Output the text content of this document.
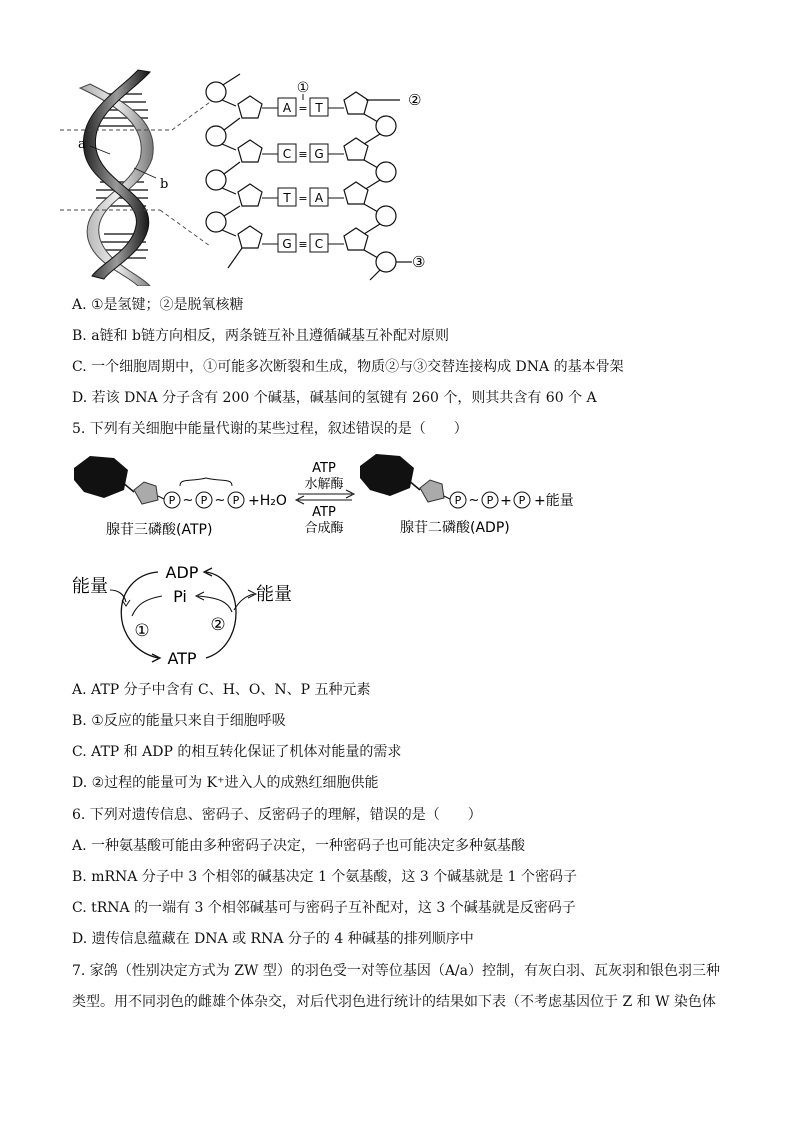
a
b
A = T
C ≡ G
T = A
G ≡ C
①
②
③
A. ①是氢键；②是脱氧核糖
B. a链和 b链方向相反，两条链互补且遵循碱基互补配对原则
C. 一个细胞周期中，①可能多次断裂和生成，物质②与③交替连接构成 DNA 的基本骨架
D. 若该 DNA 分子含有 200 个碱基，碱基间的氢键有 260 个，则其共含有 60 个 A
5. 下列有关细胞中能量代谢的某些过程，叙述错误的是（　　）
P ~ P ~ P +H₂O
ATP
水解酶
ATP
合成酶
P ~ P + P +能量
腺苷三磷酸(ATP)	腺苷二磷酸(ADP)
ADP
Pi
ATP
能量	能量
①	②
A. ATP 分子中含有 C、H、O、N、P 五种元素
B. ①反应的能量只来自于细胞呼吸
C. ATP 和 ADP 的相互转化保证了机体对能量的需求
D. ②过程的能量可为 K⁺进入人的成熟红细胞供能
6. 下列对遗传信息、密码子、反密码子的理解，错误的是（　　）
A. 一种氨基酸可能由多种密码子决定，一种密码子也可能决定多种氨基酸
B. mRNA 分子中 3 个相邻的碱基决定 1 个氨基酸，这 3 个碱基就是 1 个密码子
C. tRNA 的一端有 3 个相邻碱基可与密码子互补配对，这 3 个碱基就是反密码子
D. 遗传信息蕴藏在 DNA 或 RNA 分子的 4 种碱基的排列顺序中
7. 家鸽（性别决定方式为 ZW 型）的羽色受一对等位基因（A/a）控制，有灰白羽、瓦灰羽和银色羽三种
类型。用不同羽色的雌雄个体杂交，对后代羽色进行统计的结果如下表（不考虑基因位于 Z 和 W 染色体
